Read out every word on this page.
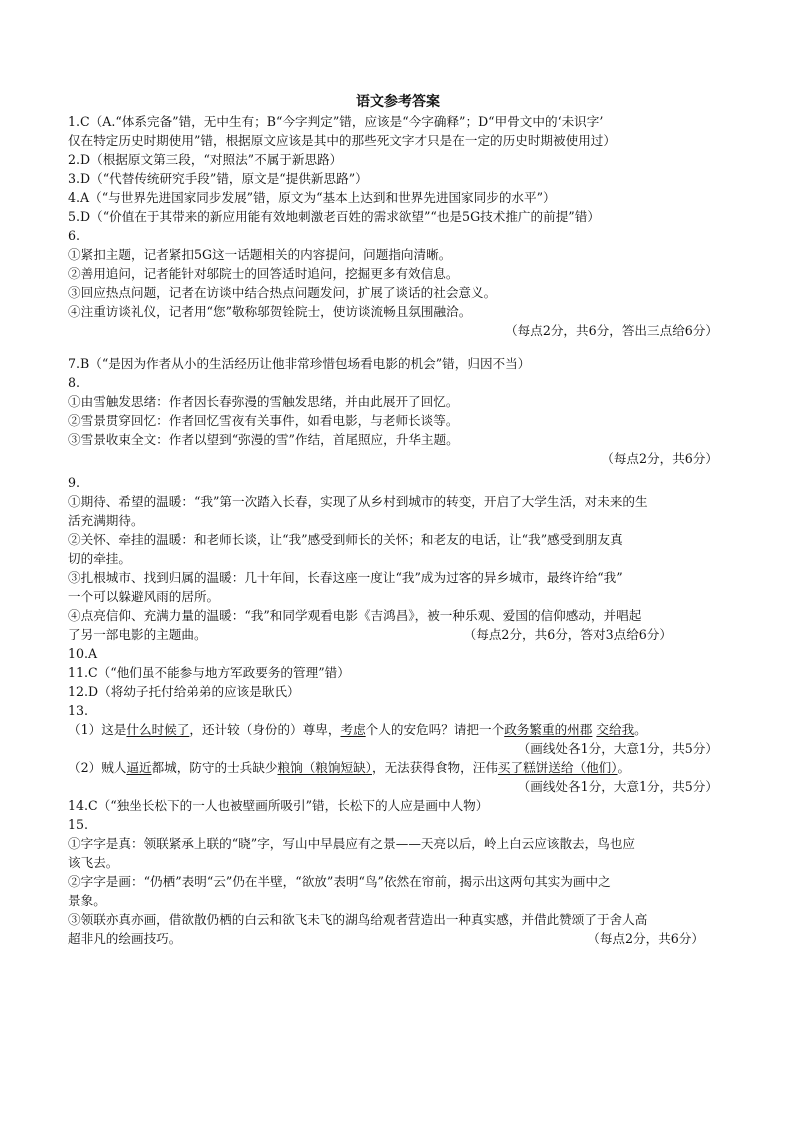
语文参考答案
1.C（A.“体系完备”错，无中生有；B“今字判定”错，应该是“今字确释”；D“甲骨文中的‘未识字’
仅在特定历史时期使用”错，根据原文应该是其中的那些死文字才只是在一定的历史时期被使用过）
2.D（根据原文第三段，“对照法”不属于新思路）
3.D（“代替传统研究手段”错，原文是“提供新思路”）
4.A（“与世界先进国家同步发展”错，原文为“基本上达到和世界先进国家同步的水平”）
5.D（“价值在于其带来的新应用能有效地刺激老百姓的需求欲望”“也是5G技术推广的前提”错）
6.
①紧扣主题，记者紧扣5G这一话题相关的内容提问，问题指向清晰。
②善用追问，记者能针对邬院士的回答适时追问，挖掘更多有效信息。
③回应热点问题，记者在访谈中结合热点问题发问，扩展了谈话的社会意义。
④注重访谈礼仪，记者用“您”敬称邬贺铨院士，使访谈流畅且氛围融洽。
（每点2分，共6分，答出三点给6分）
7.B（“是因为作者从小的生活经历让他非常珍惜包场看电影的机会”错，归因不当）
8.
①由雪触发思绪：作者因长春弥漫的雪触发思绪，并由此展开了回忆。
②雪景贯穿回忆：作者回忆雪夜有关事件，如看电影，与老师长谈等。
③雪景收束全文：作者以望到“弥漫的雪”作结，首尾照应，升华主题。
（每点2分，共6分）
9.
①期待、希望的温暖：“我”第一次踏入长春，实现了从乡村到城市的转变，开启了大学生活，对未来的生
活充满期待。
②关怀、牵挂的温暖：和老师长谈，让“我”感受到师长的关怀；和老友的电话，让“我”感受到朋友真
切的牵挂。
③扎根城市、找到归属的温暖：几十年间，长春这座一度让“我”成为过客的异乡城市，最终许给“我”
一个可以躲避风雨的居所。
④点亮信仰、充满力量的温暖：“我”和同学观看电影《吉鸿昌》，被一种乐观、爱国的信仰感动，并唱起
了另一部电影的主题曲。	（每点2分，共6分，答对3点给6分）
10.A
11.C（“他们虽不能参与地方军政要务的管理”错）
12.D（将幼子托付给弟弟的应该是耿氏）
13.
（1）这是什么时候了，还计较（身份的）尊卑，考虑个人的安危吗？请把一个政务繁重的州郡 交给我。
（画线处各1分，大意1分，共5分）
（2）贼人逼近都城，防守的士兵缺少粮饷（粮饷短缺），无法获得食物，汪伟买了糕饼送给（他们）。
（画线处各1分，大意1分，共5分）
14.C（“独坐长松下的一人也被壁画所吸引”错，长松下的人应是画中人物）
15.
①字字是真：领联紧承上联的“晓”字，写山中早晨应有之景——天亮以后，岭上白云应该散去，鸟也应
该飞去。
②字字是画：“仍栖”表明“云”仍在半壁，“欲放”表明“鸟”依然在帘前，揭示出这两句其实为画中之
景象。
③领联亦真亦画，借欲散仍栖的白云和欲飞未飞的湖鸟给观者营造出一种真实感，并借此赞颂了于舍人高
超非凡的绘画技巧。	（每点2分，共6分）
